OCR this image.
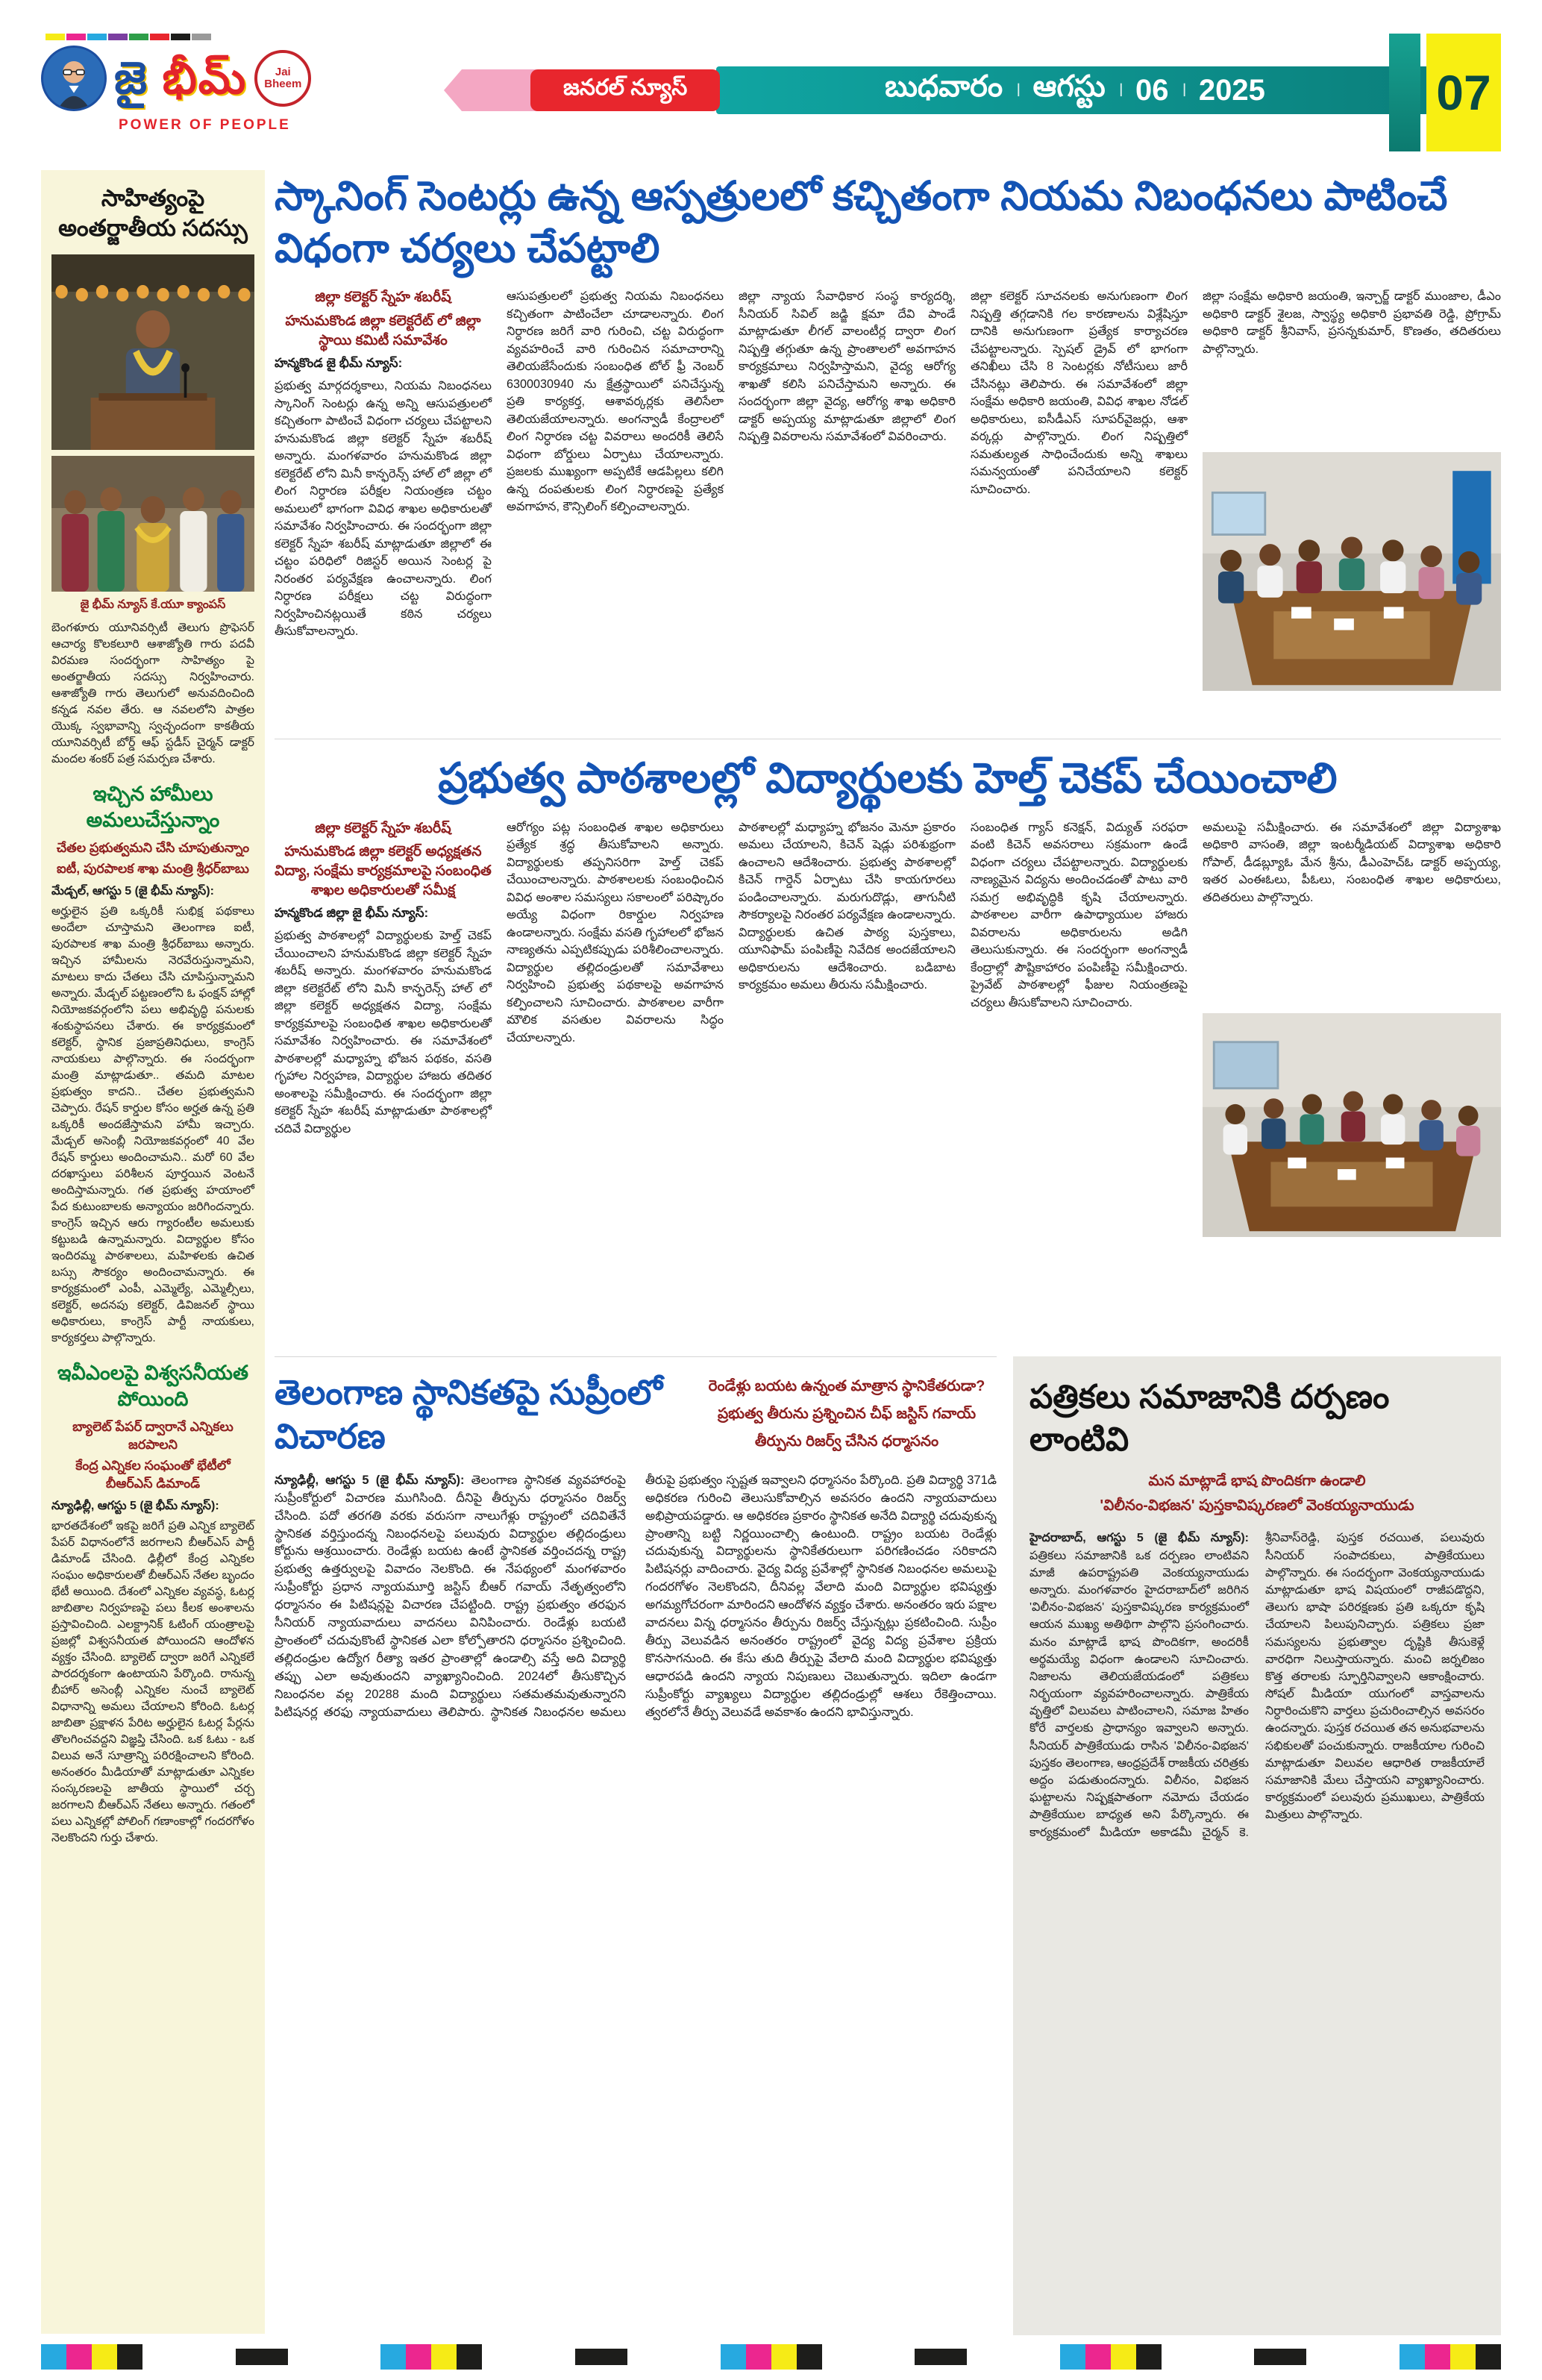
జై భీమ్	Jai
Bheem
POWER OF PEOPLE
జనరల్ న్యూస్	బుధవారం । ఆగస్టు । 06 । 2025	07
సాహిత్యంపై అంతర్జాతీయ సదస్సు
జై భీమ్ న్యూస్ కే.యూ క్యాంపస్
బెంగళూరు యూనివర్సిటీ తెలుగు ప్రొఫెసర్ ఆచార్య కొలకలూరి ఆశాజ్యోతి గారు పదవీ విరమణ సందర్భంగా సాహిత్యం పై అంతర్జాతీయ సదస్సు నిర్వహించారు. ఆశాజ్యోతి గారు తెలుగులో అనువదించింది కన్నడ నవల తేరు. ఆ నవలలోని పాత్రల యొక్క స్వభావాన్ని స్వచ్ఛందంగా కాకతీయ యూనివర్సిటీ బోర్డ్ ఆఫ్ స్టడీస్ చైర్మన్ డాక్టర్ మందల శంకర్ పత్ర సమర్పణ చేశారు.
ఇచ్చిన హామీలు అమలుచేస్తున్నాం
చేతల ప్రభుత్వమని చేసి చూపుతున్నాం
ఐటీ, పురపాలక శాఖ మంత్రి శ్రీధర్‌బాబు
మేడ్చల్, ఆగస్టు 5 (జై భీమ్ న్యూస్):
అర్హులైన ప్రతి ఒక్కరికీ సుభిక్ష పథకాలు అందేలా చూస్తామని తెలంగాణ ఐటీ, పురపాలక శాఖ మంత్రి శ్రీధర్‌బాబు అన్నారు. ఇచ్చిన హామీలను నెరవేరుస్తున్నామని, మాటలు కాదు చేతలు చేసి చూపిస్తున్నామని అన్నారు. మేడ్చల్ పట్టణంలోని ఓ ఫంక్షన్ హాల్లో నియోజకవర్గంలోని పలు అభివృద్ధి పనులకు శంకుస్థాపనలు చేశారు. ఈ కార్యక్రమంలో కలెక్టర్, స్థానిక ప్రజాప్రతినిధులు, కాంగ్రెస్ నాయకులు పాల్గొన్నారు. ఈ సందర్భంగా మంత్రి మాట్లాడుతూ.. తమది మాటల ప్రభుత్వం కాదని.. చేతల ప్రభుత్వమని చెప్పారు. రేషన్ కార్డుల కోసం అర్హత ఉన్న ప్రతి ఒక్కరికీ అందజేస్తామని హామీ ఇచ్చారు. మేడ్చల్ అసెంబ్లీ నియోజకవర్గంలో 40 వేల రేషన్ కార్డులు అందించామని.. మరో 60 వేల దరఖాస్తులు పరిశీలన పూర్తయిన వెంటనే అందిస్తామన్నారు. గత ప్రభుత్వ హయాంలో పేద కుటుంబాలకు అన్యాయం జరిగిందన్నారు. కాంగ్రెస్ ఇచ్చిన ఆరు గ్యారంటీల అమలుకు కట్టుబడి ఉన్నామన్నారు. విద్యార్థుల కోసం ఇందిరమ్మ పాఠశాలలు, మహిళలకు ఉచిత బస్సు సౌకర్యం అందించామన్నారు. ఈ కార్యక్రమంలో ఎంపీ, ఎమ్మెల్యే, ఎమ్మెల్సీలు, కలెక్టర్, అదనపు కలెక్టర్, డివిజనల్ స్థాయి అధికారులు, కాంగ్రెస్ పార్టీ నాయకులు, కార్యకర్తలు పాల్గొన్నారు.
ఇవీఎంలపై విశ్వసనీయత పోయింది
బ్యాలెట్ పేపర్ ద్వారానే ఎన్నికలు జరపాలని
కేంద్ర ఎన్నికల సంఘంతో భేటీలో బీఆర్ఎస్ డిమాండ్
న్యూఢిల్లీ, ఆగస్టు 5 (జై భీమ్ న్యూస్):
భారతదేశంలో ఇకపై జరిగే ప్రతి ఎన్నిక బ్యాలెట్ పేపర్ విధానంలోనే జరగాలని బీఆర్ఎస్ పార్టీ డిమాండ్ చేసింది. ఢిల్లీలో కేంద్ర ఎన్నికల సంఘం అధికారులతో బీఆర్ఎస్ నేతల బృందం భేటీ అయింది. దేశంలో ఎన్నికల వ్యవస్థ, ఓటర్ల జాబితాల నిర్వహణపై పలు కీలక అంశాలను ప్రస్తావించింది. ఎలక్ట్రానిక్ ఓటింగ్ యంత్రాలపై ప్రజల్లో విశ్వసనీయత పోయిందని ఆందోళన వ్యక్తం చేసింది. బ్యాలెట్ ద్వారా జరిగే ఎన్నికలే పారదర్శకంగా ఉంటాయని పేర్కొంది. రానున్న బీహార్ అసెంబ్లీ ఎన్నికల నుంచే బ్యాలెట్ విధానాన్ని అమలు చేయాలని కోరింది. ఓటర్ల జాబితా ప్రక్షాళన పేరిట అర్హులైన ఓటర్ల పేర్లను తొలగించవద్దని విజ్ఞప్తి చేసింది. ఒక ఓటు - ఒక విలువ అనే సూత్రాన్ని పరిరక్షించాలని కోరింది. అనంతరం మీడియాతో మాట్లాడుతూ ఎన్నికల సంస్కరణలపై జాతీయ స్థాయిలో చర్చ జరగాలని బీఆర్ఎస్ నేతలు అన్నారు. గతంలో పలు ఎన్నికల్లో పోలింగ్ గణాంకాల్లో గందరగోళం నెలకొందని గుర్తు చేశారు.
స్కానింగ్ సెంటర్లు ఉన్న ఆస్పత్రులలో కచ్చితంగా నియమ నిబంధనలు పాటించే విధంగా చర్యలు చేపట్టాలి
జిల్లా కలెక్టర్ స్నేహ శబరీష్
హనుమకొండ జిల్లా కలెక్టరేట్ లో జిల్లా స్థాయి కమిటీ సమావేశం
హన్మకొండ జై భీమ్ న్యూస్:
ప్రభుత్వ మార్గదర్శకాలు, నియమ నిబంధనలు స్కానింగ్ సెంటర్లు ఉన్న అన్ని ఆసుపత్రులలో కచ్చితంగా పాటించే విధంగా చర్యలు చేపట్టాలని హనుమకొండ జిల్లా కలెక్టర్ స్నేహ శబరీష్ అన్నారు. మంగళవారం హనుమకొండ జిల్లా కలెక్టరేట్ లోని మినీ కాన్ఫరెన్స్ హాల్ లో జిల్లా లో లింగ నిర్ధారణ పరీక్షల నియంత్రణ చట్టం అమలులో భాగంగా వివిధ శాఖల అధికారులతో సమావేశం నిర్వహించారు. ఈ సందర్భంగా జిల్లా కలెక్టర్ స్నేహ శబరీష్ మాట్లాడుతూ జిల్లాలో ఈ చట్టం పరిధిలో రిజిస్టర్ అయిన సెంటర్ల పై నిరంతర పర్యవేక్షణ ఉంచాలన్నారు. లింగ నిర్ధారణ పరీక్షలు చట్ట విరుద్ధంగా నిర్వహించినట్లయితే కఠిన చర్యలు తీసుకోవాలన్నారు.
ఆసుపత్రులలో ప్రభుత్వ నియమ నిబంధనలు కచ్చితంగా పాటించేలా చూడాలన్నారు. లింగ నిర్ధారణ జరిగే వారి గురించి, చట్ట విరుద్ధంగా వ్యవహరించే వారి గురించిన సమాచారాన్ని తెలియజేసేందుకు సంబంధిత టోల్ ఫ్రీ నెంబర్ 6300030940 ను క్షేత్రస్థాయిలో పనిచేస్తున్న ప్రతి కార్యకర్త, ఆశావర్కర్లకు తెలిసేలా తెలియజేయాలన్నారు. అంగన్వాడీ కేంద్రాలలో లింగ నిర్ధారణ చట్ట వివరాలు అందరికీ తెలిసే విధంగా బోర్డులు ఏర్పాటు చేయాలన్నారు. ప్రజలకు ముఖ్యంగా అప్పటికే ఆడపిల్లలు కలిగి ఉన్న దంపతులకు లింగ నిర్ధారణపై ప్రత్యేక అవగాహన, కౌన్సిలింగ్ కల్పించాలన్నారు.
జిల్లా న్యాయ సేవాధికార సంస్థ కార్యదర్శి, సీనియర్ సివిల్ జడ్జి క్షమా దేవి పాండే మాట్లాడుతూ లీగల్ వాలంటీర్ల ద్వారా లింగ నిష్పత్తి తగ్గుతూ ఉన్న ప్రాంతాలలో అవగాహన కార్యక్రమాలు నిర్వహిస్తామని, వైద్య ఆరోగ్య శాఖతో కలిసి పనిచేస్తామని అన్నారు. ఈ సందర్భంగా జిల్లా వైద్య, ఆరోగ్య శాఖ అధికారి డాక్టర్ అప్పయ్య మాట్లాడుతూ జిల్లాలో లింగ నిష్పత్తి వివరాలను సమావేశంలో వివరించారు.
జిల్లా కలెక్టర్ సూచనలకు అనుగుణంగా లింగ నిష్పత్తి తగ్గడానికి గల కారణాలను విశ్లేషిస్తూ దానికి అనుగుణంగా ప్రత్యేక కార్యాచరణ చేపట్టాలన్నారు. స్పెషల్ డ్రైవ్ లో భాగంగా తనిఖీలు చేసి 8 సెంటర్లకు నోటీసులు జారీ చేసినట్లు తెలిపారు. ఈ సమావేశంలో జిల్లా సంక్షేమ అధికారి జయంతి, వివిధ శాఖల నోడల్ అధికారులు, ఐసీడీఎస్ సూపర్‌వైజర్లు, ఆశా వర్కర్లు పాల్గొన్నారు. లింగ నిష్పత్తిలో సమతుల్యత సాధించేందుకు అన్ని శాఖలు సమన్వయంతో పనిచేయాలని కలెక్టర్ సూచించారు.
జిల్లా సంక్షేమ అధికారి జయంతి, ఇన్చార్జ్ డాక్టర్ ముంజాల, డీఎం అధికారి డాక్టర్ శైలజ, స్వాస్థ్య అధికారి ప్రభావతి రెడ్డి, ప్రోగ్రామ్ అధికారి డాక్టర్ శ్రీనివాస్, ప్రసన్నకుమార్, కొణతం, తదితరులు పాల్గొన్నారు.
ప్రభుత్వ పాఠశాలల్లో విద్యార్థులకు హెల్త్ చెకప్ చేయించాలి
జిల్లా కలెక్టర్ స్నేహ శబరీష్
హనుమకొండ జిల్లా కలెక్టర్ అధ్యక్షతన విద్యా, సంక్షేమ కార్యక్రమాలపై సంబంధిత శాఖల అధికారులతో సమీక్ష
హన్మకొండ జిల్లా జై భీమ్ న్యూస్:
ప్రభుత్వ పాఠశాలల్లో విద్యార్థులకు హెల్త్ చెకప్ చేయించాలని హనుమకొండ జిల్లా కలెక్టర్ స్నేహ శబరీష్ అన్నారు. మంగళవారం హనుమకొండ జిల్లా కలెక్టరేట్ లోని మినీ కాన్ఫరెన్స్ హాల్ లో జిల్లా కలెక్టర్ అధ్యక్షతన విద్యా, సంక్షేమ కార్యక్రమాలపై సంబంధిత శాఖల అధికారులతో సమావేశం నిర్వహించారు. ఈ సమావేశంలో పాఠశాలల్లో మధ్యాహ్న భోజన పథకం, వసతి గృహాల నిర్వహణ, విద్యార్థుల హాజరు తదితర అంశాలపై సమీక్షించారు. ఈ సందర్భంగా జిల్లా కలెక్టర్ స్నేహ శబరీష్ మాట్లాడుతూ పాఠశాలల్లో చదివే విద్యార్థుల
ఆరోగ్యం పట్ల సంబంధిత శాఖల అధికారులు ప్రత్యేక శ్రద్ధ తీసుకోవాలని అన్నారు. విద్యార్థులకు తప్పనిసరిగా హెల్త్ చెకప్ చేయించాలన్నారు. పాఠశాలలకు సంబంధించిన వివిధ అంశాల సమస్యలు సకాలంలో పరిష్కారం అయ్యే విధంగా రికార్డుల నిర్వహణ ఉండాలన్నారు. సంక్షేమ వసతి గృహాలలో భోజన నాణ్యతను ఎప్పటికప్పుడు పరిశీలించాలన్నారు. విద్యార్థుల తల్లిదండ్రులతో సమావేశాలు నిర్వహించి ప్రభుత్వ పథకాలపై అవగాహన కల్పించాలని సూచించారు. పాఠశాలల వారీగా మౌలిక వసతుల వివరాలను సిద్ధం చేయాలన్నారు.
పాఠశాలల్లో మధ్యాహ్న భోజనం మెనూ ప్రకారం అమలు చేయాలని, కిచెన్ షెడ్లు పరిశుభ్రంగా ఉంచాలని ఆదేశించారు. ప్రభుత్వ పాఠశాలల్లో కిచెన్ గార్డెన్ ఏర్పాటు చేసి కాయగూరలు పండించాలన్నారు. మరుగుదొడ్లు, తాగునీటి సౌకర్యాలపై నిరంతర పర్యవేక్షణ ఉండాలన్నారు. విద్యార్థులకు ఉచిత పాఠ్య పుస్తకాలు, యూనిఫామ్ పంపిణీపై నివేదిక అందజేయాలని అధికారులను ఆదేశించారు. బడిబాట కార్యక్రమం అమలు తీరును సమీక్షించారు.
సంబంధిత గ్యాస్ కనెక్షన్, విద్యుత్ సరఫరా వంటి కిచెన్ అవసరాలు సక్రమంగా ఉండే విధంగా చర్యలు చేపట్టాలన్నారు. విద్యార్థులకు నాణ్యమైన విద్యను అందించడంతో పాటు వారి సమగ్ర అభివృద్ధికి కృషి చేయాలన్నారు. పాఠశాలల వారీగా ఉపాధ్యాయుల హాజరు వివరాలను అధికారులను అడిగి తెలుసుకున్నారు. ఈ సందర్భంగా అంగన్వాడీ కేంద్రాల్లో పౌష్టికాహారం పంపిణీపై సమీక్షించారు. ప్రైవేట్ పాఠశాలల్లో ఫీజుల నియంత్రణపై చర్యలు తీసుకోవాలని సూచించారు.
అమలుపై సమీక్షించారు. ఈ సమావేశంలో జిల్లా విద్యాశాఖ అధికారి వాసంతి, జిల్లా ఇంటర్మీడియట్ విద్యాశాఖ అధికారి గోపాల్, డీడబ్ల్యూఓ మేన శ్రీను, డీఎంహెచ్ఓ డాక్టర్ అప్పయ్య, ఇతర ఎంఈఓలు, పీఓలు, సంబంధిత శాఖల అధికారులు, తదితరులు పాల్గొన్నారు.
తెలంగాణ స్థానికతపై సుప్రీంలో విచారణ
రెండేళ్లు బయట ఉన్నంత మాత్రాన స్థానికేతరుడా?
ప్రభుత్వ తీరును ప్రశ్నించిన చీఫ్ జస్టిస్ గవాయ్
తీర్పును రిజర్వ్ చేసిన ధర్మాసనం
న్యూఢిల్లీ, ఆగస్టు 5 (జై భీమ్ న్యూస్): తెలంగాణ స్థానికత వ్యవహారంపై సుప్రీంకోర్టులో విచారణ ముగిసింది. దీనిపై తీర్పును ధర్మాసనం రిజర్వ్ చేసింది. పదో తరగతి వరకు వరుసగా నాలుగేళ్లు రాష్ట్రంలో చదివితేనే స్థానికత వర్తిస్తుందన్న నిబంధనలపై పలువురు విద్యార్థుల తల్లిదండ్రులు కోర్టును ఆశ్రయించారు. రెండేళ్లు బయట ఉంటే స్థానికత వర్తించదన్న రాష్ట్ర ప్రభుత్వ ఉత్తర్వులపై వివాదం నెలకొంది. ఈ నేపథ్యంలో మంగళవారం సుప్రీంకోర్టు ప్రధాన న్యాయమూర్తి జస్టిస్ బీఆర్ గవాయ్ నేతృత్వంలోని ధర్మాసనం ఈ పిటిషన్లపై విచారణ చేపట్టింది. రాష్ట్ర ప్రభుత్వం తరఫున సీనియర్ న్యాయవాదులు వాదనలు వినిపించారు. రెండేళ్లు బయటి ప్రాంతంలో చదువుకొంటే స్థానికత ఎలా కోల్పోతారని ధర్మాసనం ప్రశ్నించింది. తల్లిదండ్రుల ఉద్యోగ రీత్యా ఇతర ప్రాంతాల్లో ఉండాల్సి వస్తే అది విద్యార్థి తప్పు ఎలా అవుతుందని వ్యాఖ్యానించింది. 2024లో తీసుకొచ్చిన నిబంధనల వల్ల 20288 మంది విద్యార్థులు సతమతమవుతున్నారని పిటిషనర్ల తరఫు న్యాయవాదులు తెలిపారు. స్థానికత నిబంధనల అమలు తీరుపై ప్రభుత్వం స్పష్టత ఇవ్వాలని ధర్మాసనం పేర్కొంది. ప్రతి విద్యార్థి 371డి అధికరణ గురించి తెలుసుకోవాల్సిన అవసరం ఉందని న్యాయవాదులు అభిప్రాయపడ్డారు. ఆ అధికరణ ప్రకారం స్థానికత అనేది విద్యార్థి చదువుకున్న ప్రాంతాన్ని బట్టి నిర్ణయించాల్సి ఉంటుంది. రాష్ట్రం బయట రెండేళ్లు చదువుకున్న విద్యార్థులను స్థానికేతరులుగా పరిగణించడం సరికాదని పిటిషనర్లు వాదించారు. వైద్య విద్య ప్రవేశాల్లో స్థానికత నిబంధనల అమలుపై గందరగోళం నెలకొందని, దీనివల్ల వేలాది మంది విద్యార్థుల భవిష్యత్తు అగమ్యగోచరంగా మారిందని ఆందోళన వ్యక్తం చేశారు. అనంతరం ఇరు పక్షాల వాదనలు విన్న ధర్మాసనం తీర్పును రిజర్వ్ చేస్తున్నట్లు ప్రకటించింది. సుప్రీం తీర్పు వెలువడిన అనంతరం రాష్ట్రంలో వైద్య విద్య ప్రవేశాల ప్రక్రియ కొనసాగనుంది. ఈ కేసు తుది తీర్పుపై వేలాది మంది విద్యార్థుల భవిష్యత్తు ఆధారపడి ఉందని న్యాయ నిపుణులు చెబుతున్నారు. ఇదిలా ఉండగా సుప్రీంకోర్టు వ్యాఖ్యలు విద్యార్థుల తల్లిదండ్రుల్లో ఆశలు రేకెత్తించాయి. త్వరలోనే తీర్పు వెలువడే అవకాశం ఉందని భావిస్తున్నారు.
పత్రికలు సమాజానికి దర్పణం లాంటివి
మన మాట్లాడే భాష పొందికగా ఉండాలి
'విలీనం-విభజన' పుస్తకావిష్కరణలో వెంకయ్యనాయుడు
హైదరాబాద్, ఆగస్టు 5 (జై భీమ్ న్యూస్): పత్రికలు సమాజానికి ఒక దర్పణం లాంటివని మాజీ ఉపరాష్ట్రపతి వెంకయ్యనాయుడు అన్నారు. మంగళవారం హైదరాబాద్‌లో జరిగిన 'విలీనం-విభజన' పుస్తకావిష్కరణ కార్యక్రమంలో ఆయన ముఖ్య అతిథిగా పాల్గొని ప్రసంగించారు. మనం మాట్లాడే భాష పొందికగా, అందరికీ అర్థమయ్యే విధంగా ఉండాలని సూచించారు. నిజాలను తెలియజేయడంలో పత్రికలు నిర్భయంగా వ్యవహరించాలన్నారు. పాత్రికేయ వృత్తిలో విలువలు పాటించాలని, సమాజ హితం కోరే వార్తలకు ప్రాధాన్యం ఇవ్వాలని అన్నారు. సీనియర్ పాత్రికేయుడు రాసిన 'విలీనం-విభజన' పుస్తకం తెలంగాణ, ఆంధ్రప్రదేశ్ రాజకీయ చరిత్రకు అద్దం పడుతుందన్నారు. విలీనం, విభజన ఘట్టాలను నిష్పక్షపాతంగా నమోదు చేయడం పాత్రికేయుల బాధ్యత అని పేర్కొన్నారు. ఈ కార్యక్రమంలో మీడియా అకాడమీ చైర్మన్ కె. శ్రీనివాస్‌రెడ్డి, పుస్తక రచయిత, పలువురు సీనియర్ సంపాదకులు, పాత్రికేయులు పాల్గొన్నారు. ఈ సందర్భంగా వెంకయ్యనాయుడు మాట్లాడుతూ భాష విషయంలో రాజీపడొద్దని, తెలుగు భాషా పరిరక్షణకు ప్రతి ఒక్కరూ కృషి చేయాలని పిలుపునిచ్చారు. పత్రికలు ప్రజా సమస్యలను ప్రభుత్వాల దృష్టికి తీసుకెళ్లే వారధిగా నిలుస్తాయన్నారు. మంచి జర్నలిజం కొత్త తరాలకు స్ఫూర్తినివ్వాలని ఆకాంక్షించారు. సోషల్ మీడియా యుగంలో వాస్తవాలను నిర్ధారించుకొని వార్తలు ప్రచురించాల్సిన అవసరం ఉందన్నారు. పుస్తక రచయిత తన అనుభవాలను సభికులతో పంచుకున్నారు. రాజకీయాల గురించి మాట్లాడుతూ విలువల ఆధారిత రాజకీయాలే సమాజానికి మేలు చేస్తాయని వ్యాఖ్యానించారు. కార్యక్రమంలో పలువురు ప్రముఖులు, పాత్రికేయ మిత్రులు పాల్గొన్నారు.
